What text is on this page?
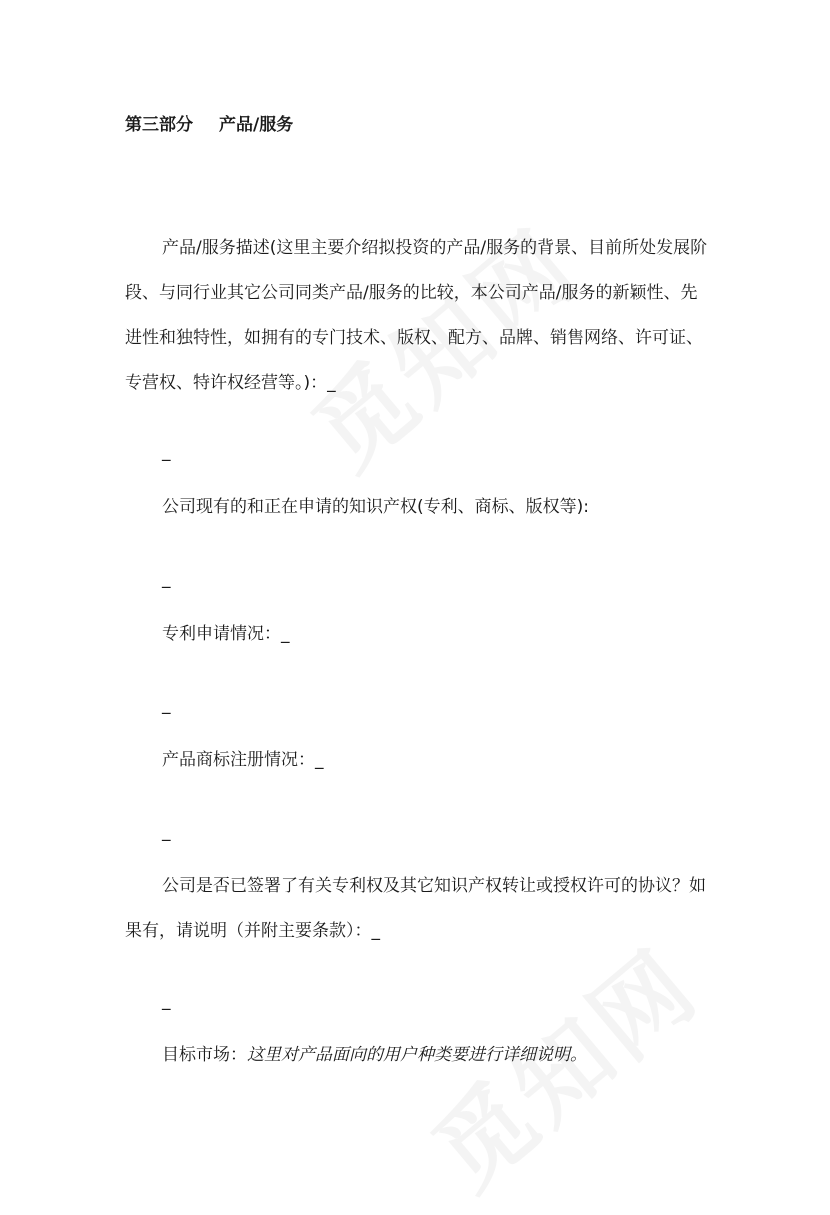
第三部分 产品/服务
产品/服务描述(这里主要介绍拟投资的产品/服务的背景、目前所处发展阶
段、与同行业其它公司同类产品/服务的比较，本公司产品/服务的新颖性、先
进性和独特性，如拥有的专门技术、版权、配方、品牌、销售网络、许可证、
专营权、特许权经营等。)：_
_
公司现有的和正在申请的知识产权(专利、商标、版权等):
_
专利申请情况：_
_
产品商标注册情况：_
_
公司是否已签署了有关专利权及其它知识产权转让或授权许可的协议？如
果有，请说明（并附主要条款）：_
_
目标市场：这里对产品面向的用户种类要进行详细说明。
